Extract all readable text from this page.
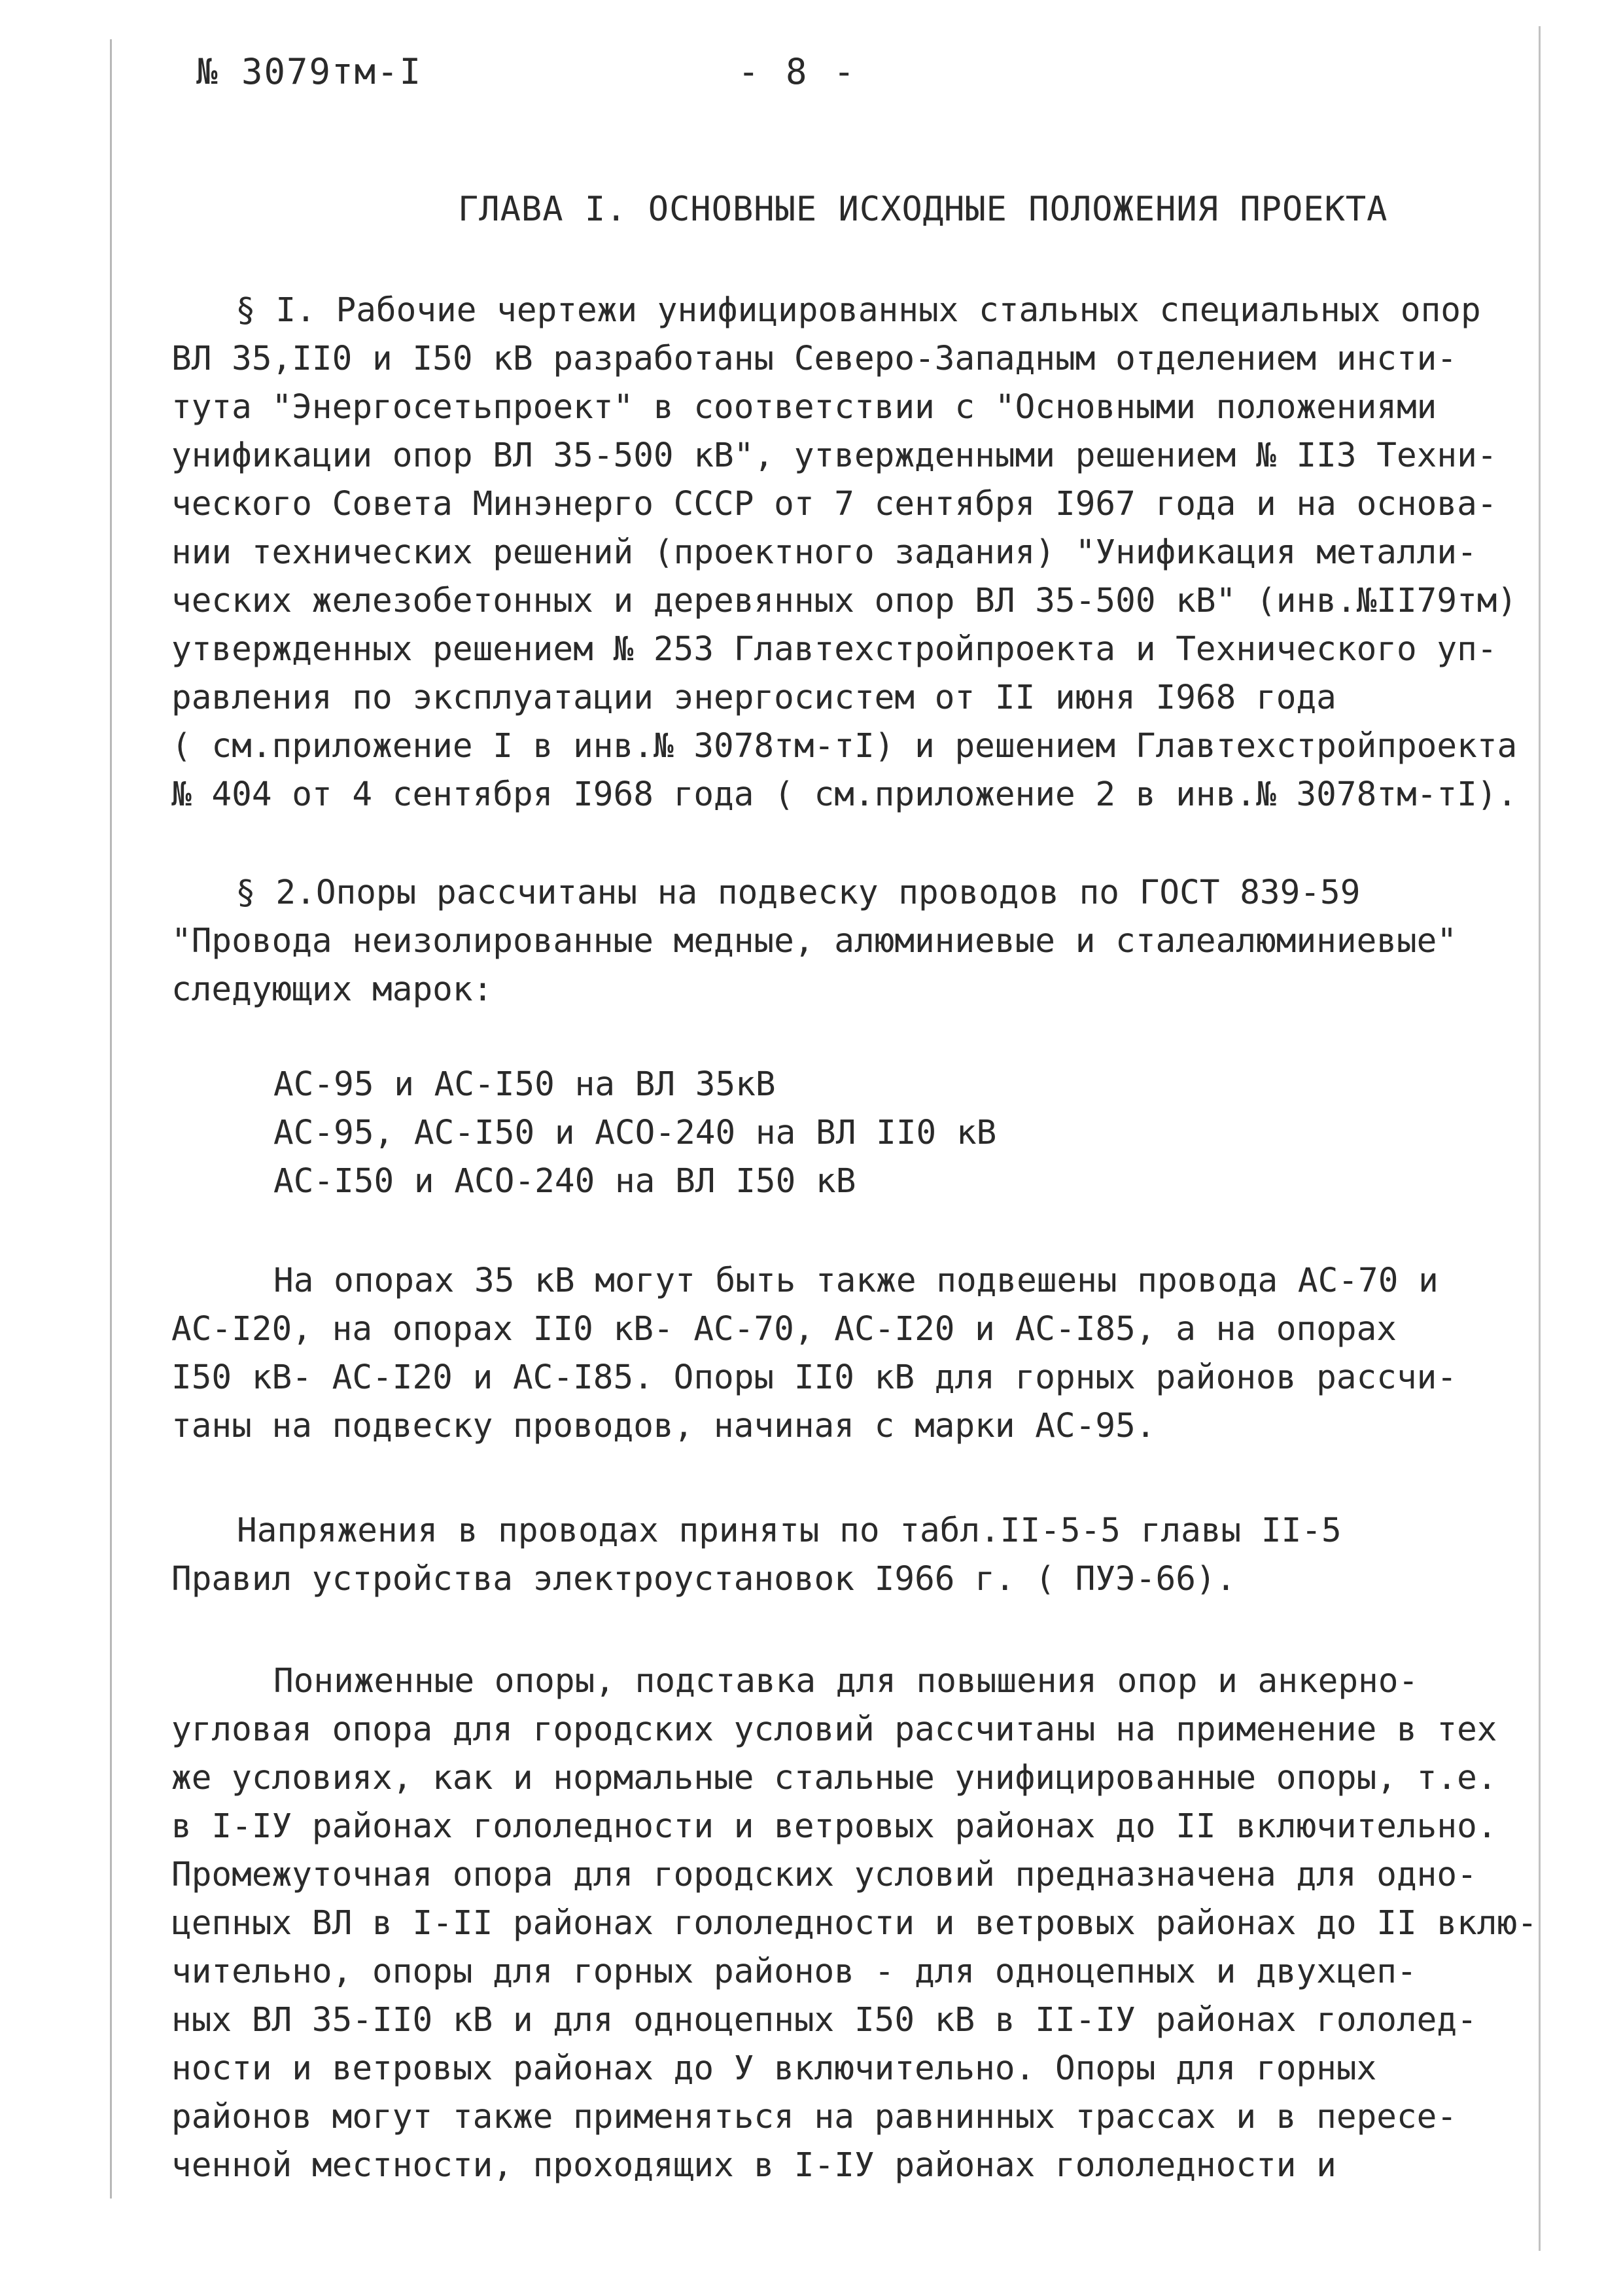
№ 3079тм-I	- 8 -
ГЛАВА I. ОСНОВНЫЕ ИСХОДНЫЕ ПОЛОЖЕНИЯ ПРОЕКТА
§ I. Рабочие чертежи унифицированных стальных специальных опор
ВЛ 35,II0 и I50 кВ разработаны Северо-Западным отделением инсти-
тута "Энергосетьпроект" в соответствии с "Основными положениями
унификации опор ВЛ 35-500 кВ", утвержденными решением № II3 Техни-
ческого Совета Минэнерго СССР от 7 сентября I967 года и на основа-
нии технических решений (проектного задания) "Унификация металли-
ческих железобетонных и деревянных опор ВЛ 35-500 кВ" (инв.№II79тм)
утвержденных решением № 253 Главтехстройпроекта и Технического уп-
равления по эксплуатации энергосистем от II июня I968 года
( см.приложение I в инв.№ 3078тм-тI) и решением Главтехстройпроекта
№ 404 от 4 сентября I968 года ( см.приложение 2 в инв.№ 3078тм-тI).
§ 2.Опоры рассчитаны на подвеску проводов по ГОСТ 839-59
"Провода неизолированные медные, алюминиевые и сталеалюминиевые"
следующих марок:
АС-95 и АС-I50 на ВЛ 35кВ
АС-95, АС-I50 и АСО-240 на ВЛ II0 кВ
АС-I50 и АСО-240 на ВЛ I50 кВ
На опорах 35 кВ могут быть также подвешены провода АС-70 и
АС-I20, на опорах II0 кВ- АС-70, АС-I20 и АС-I85, а на опорах
I50 кВ- АС-I20 и АС-I85. Опоры II0 кВ для горных районов рассчи-
таны на подвеску проводов, начиная с марки АС-95.
Напряжения в проводах приняты по табл.II-5-5 главы II-5
Правил устройства электроустановок I966 г. ( ПУЭ-66).
Пониженные опоры, подставка для повышения опор и анкерно-
угловая опора для городских условий рассчитаны на применение в тех
же условиях, как и нормальные стальные унифицированные опоры, т.е.
в I-IУ районах гололедности и ветровых районах до II включительно.
Промежуточная опора для городских условий предназначена для одно-
цепных ВЛ в I-II районах гололедности и ветровых районах до II вклю-
чительно, опоры для горных районов - для одноцепных и двухцеп-
ных ВЛ 35-II0 кВ и для одноцепных I50 кВ в II-IУ районах гололед-
ности и ветровых районах до У включительно. Опоры для горных
районов могут также применяться на равнинных трассах и в пересе-
ченной местности, проходящих в I-IУ районах гололедности и
